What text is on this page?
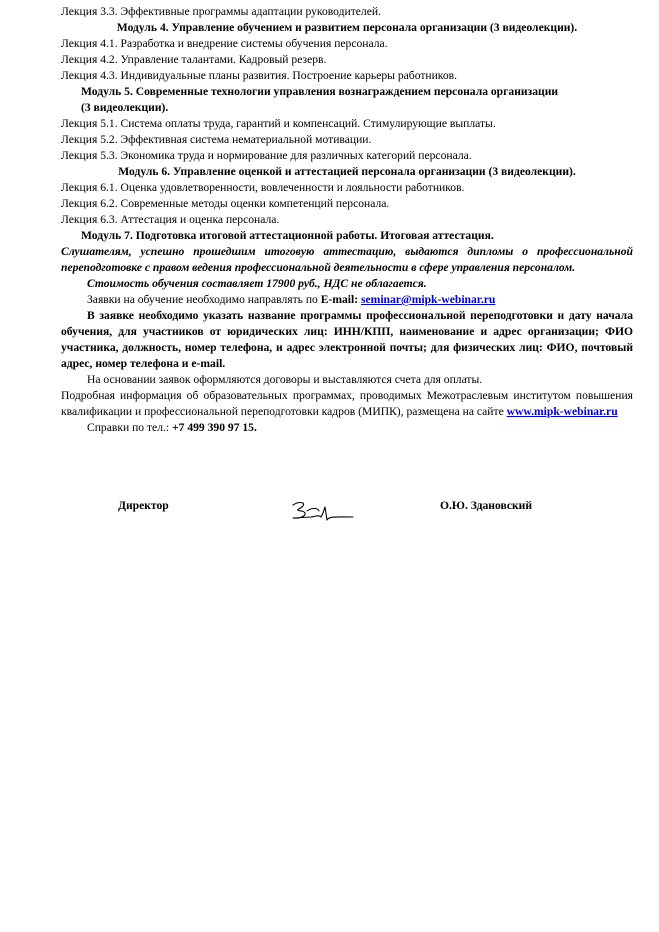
Лекция 3.3. Эффективные программы адаптации руководителей.
Модуль 4. Управление обучением и развитием персонала организации (3 видеолекции).
Лекция 4.1. Разработка и внедрение системы обучения персонала.
Лекция 4.2. Управление талантами. Кадровый резерв.
Лекция 4.3. Индивидуальные планы развития. Построение карьеры работников.
Модуль 5. Современные технологии управления вознаграждением персонала организации
(3 видеолекции).
Лекция 5.1. Система оплаты труда, гарантий и компенсаций. Стимулирующие выплаты.
Лекция 5.2. Эффективная система нематериальной мотивации.
Лекция 5.3. Экономика труда и нормирование для различных категорий персонала.
Модуль 6. Управление оценкой и аттестацией персонала организации (3 видеолекции).
Лекция 6.1. Оценка удовлетворенности, вовлеченности и лояльности работников.
Лекция 6.2. Современные методы оценки компетенций персонала.
Лекция 6.3. Аттестация и оценка персонала.
Модуль 7. Подготовка итоговой аттестационной работы. Итоговая аттестация.
Слушателям, успешно прошедшим итоговую аттестацию, выдаются дипломы о профессиональной переподготовке с правом ведения профессиональной деятельности в сфере управления персоналом.
Стоимость обучения составляет 17900 руб., НДС не облагается.
Заявки на обучение необходимо направлять по E-mail: seminar@mipk-webinar.ru
В заявке необходимо указать название программы профессиональной переподготовки и дату начала обучения, для участников от юридических лиц: ИНН/КПП, наименование и адрес организации; ФИО участника, должность, номер телефона, и адрес электронной почты; для физических лиц: ФИО, почтовый адрес, номер телефона и e-mail.
На основании заявок оформляются договоры и выставляются счета для оплаты.
Подробная информация об образовательных программах, проводимых Межотраслевым институтом повышения квалификации и профессиональной переподготовки кадров (МИПК), размещена на сайте www.mipk-webinar.ru
Справки по тел.: +7 499 390 97 15.
Директор	О.Ю. Здановский
